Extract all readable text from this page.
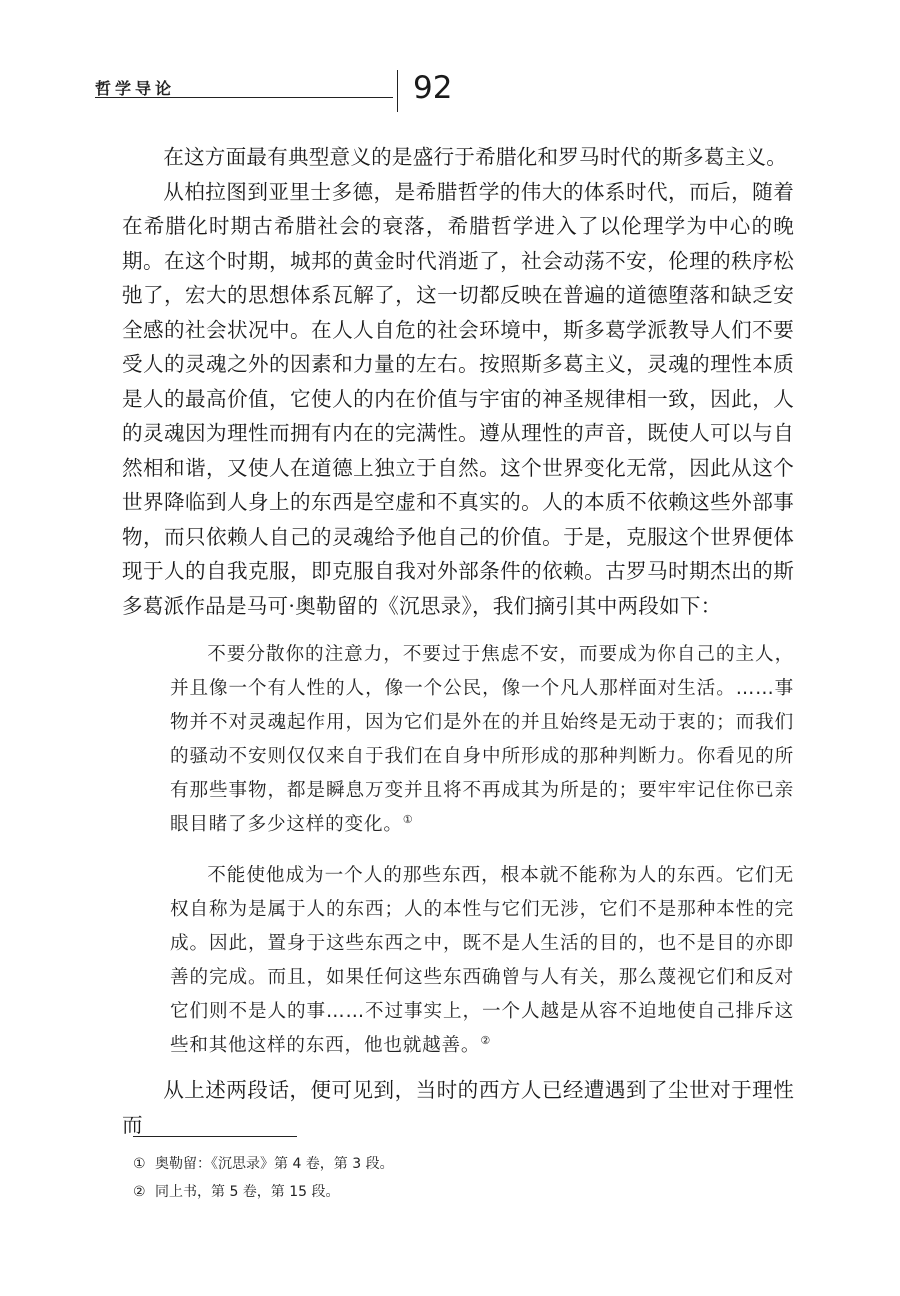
哲学导论	92

在这方面最有典型意义的是盛行于希腊化和罗马时代的斯多葛主义。

从柏拉图到亚里士多德，是希腊哲学的伟大的体系时代，而后，随着在希腊化时期古希腊社会的衰落，希腊哲学进入了以伦理学为中心的晚期。在这个时期，城邦的黄金时代消逝了，社会动荡不安，伦理的秩序松弛了，宏大的思想体系瓦解了，这一切都反映在普遍的道德堕落和缺乏安全感的社会状况中。在人人自危的社会环境中，斯多葛学派教导人们不要受人的灵魂之外的因素和力量的左右。按照斯多葛主义，灵魂的理性本质是人的最高价值，它使人的内在价值与宇宙的神圣规律相一致，因此，人的灵魂因为理性而拥有内在的完满性。遵从理性的声音，既使人可以与自然相和谐，又使人在道德上独立于自然。这个世界变化无常，因此从这个世界降临到人身上的东西是空虚和不真实的。人的本质不依赖这些外部事物，而只依赖人自己的灵魂给予他自己的价值。于是，克服这个世界便体现于人的自我克服，即克服自我对外部条件的依赖。古罗马时期杰出的斯多葛派作品是马可·奥勒留的《沉思录》，我们摘引其中两段如下：

不要分散你的注意力，不要过于焦虑不安，而要成为你自己的主人，并且像一个有人性的人，像一个公民，像一个凡人那样面对生活。……事物并不对灵魂起作用，因为它们是外在的并且始终是无动于衷的；而我们的骚动不安则仅仅来自于我们在自身中所形成的那种判断力。你看见的所有那些事物，都是瞬息万变并且将不再成其为所是的；要牢牢记住你已亲眼目睹了多少这样的变化。①

不能使他成为一个人的那些东西，根本就不能称为人的东西。它们无权自称为是属于人的东西；人的本性与它们无涉，它们不是那种本性的完成。因此，置身于这些东西之中，既不是人生活的目的，也不是目的亦即善的完成。而且，如果任何这些东西确曾与人有关，那么蔑视它们和反对它们则不是人的事……不过事实上，一个人越是从容不迫地使自己排斥这些和其他这样的东西，他也就越善。②

从上述两段话，便可见到，当时的西方人已经遭遇到了尘世对于理性而

① 奥勒留：《沉思录》第 4 卷，第 3 段。
② 同上书，第 5 卷，第 15 段。
